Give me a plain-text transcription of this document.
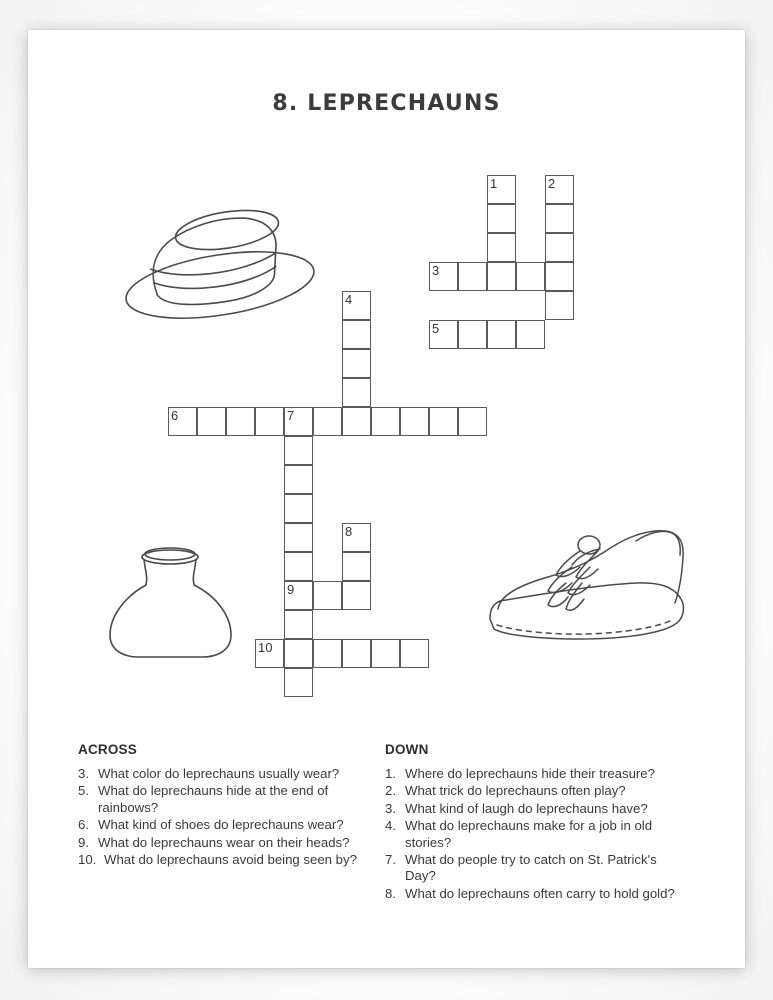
8. LEPRECHAUNS
1	2
3
4
5
6	7
9
8
10
ACROSS
3. What color do leprechauns usually wear?
5. What do leprechauns hide at the end of rainbows?
6. What kind of shoes do leprechauns wear?
9. What do leprechauns wear on their heads?
10. What do leprechauns avoid being seen by?
DOWN
1. Where do leprechauns hide their treasure?
2. What trick do leprechauns often play?
3. What kind of laugh do leprechauns have?
4. What do leprechauns make for a job in old stories?
7. What do people try to catch on St. Patrick's Day?
8. What do leprechauns often carry to hold gold?
